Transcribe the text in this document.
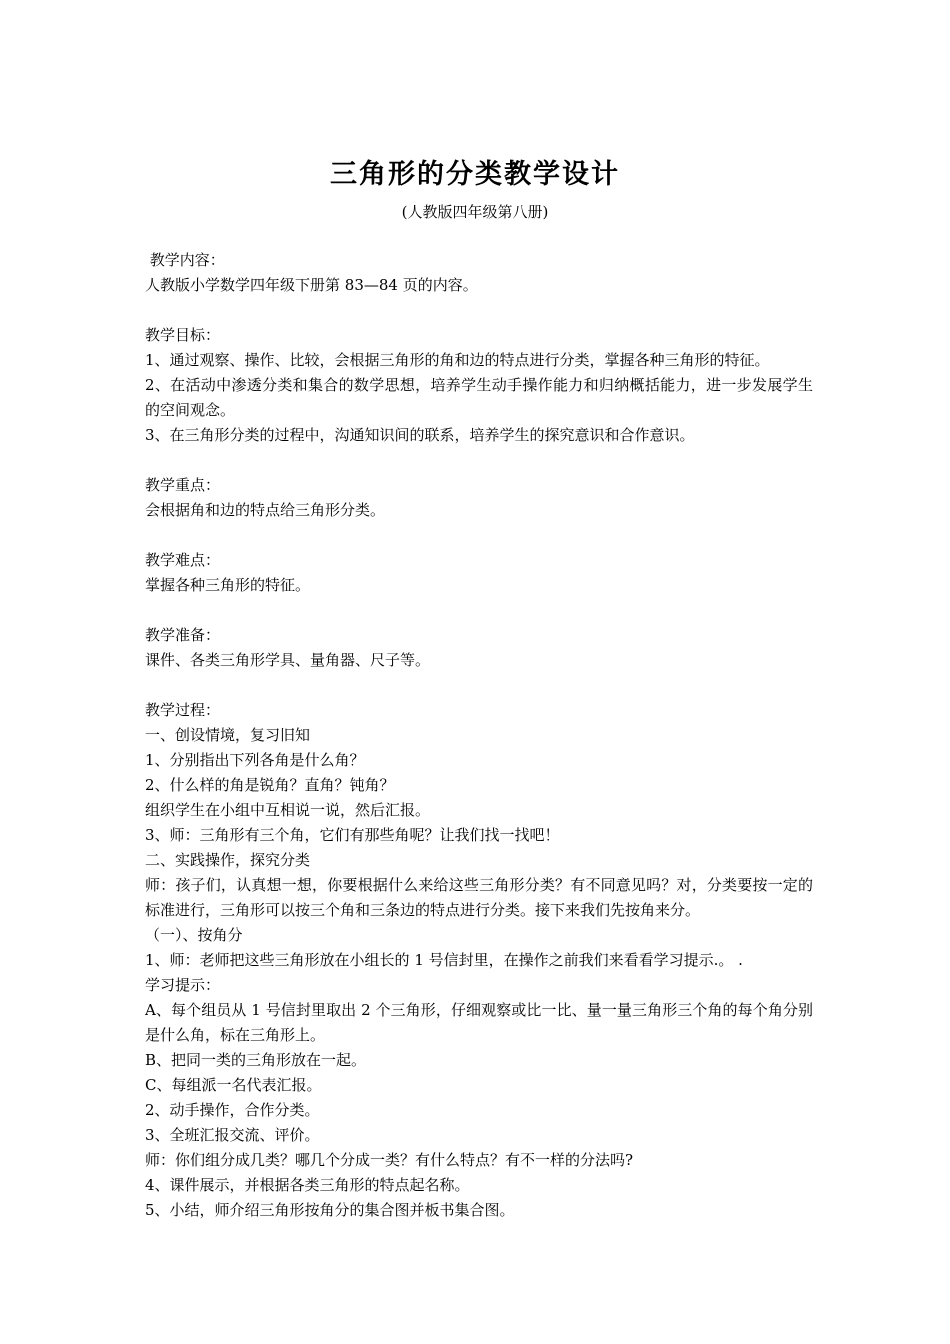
三角形的分类教学设计
(人教版四年级第八册)
教学内容：
人教版小学数学四年级下册第 83—84 页的内容。
教学目标：
1、通过观察、操作、比较，会根据三角形的角和边的特点进行分类，掌握各种三角形的特征。
2、在活动中渗透分类和集合的数学思想，培养学生动手操作能力和归纳概括能力，进一步发展学生的空间观念。
3、在三角形分类的过程中，沟通知识间的联系，培养学生的探究意识和合作意识。
教学重点：
会根据角和边的特点给三角形分类。
教学难点：
掌握各种三角形的特征。
教学准备：
课件、各类三角形学具、量角器、尺子等。
教学过程：
一、创设情境，复习旧知
1、分别指出下列各角是什么角？
2、什么样的角是锐角？直角？钝角？
组织学生在小组中互相说一说，然后汇报。
3、师：三角形有三个角，它们有那些角呢？让我们找一找吧！
二、实践操作，探究分类
师：孩子们，认真想一想，你要根据什么来给这些三角形分类？有不同意见吗？对，分类要按一定的标准进行，三角形可以按三个角和三条边的特点进行分类。接下来我们先按角来分。
（一）、按角分
1、师：老师把这些三角形放在小组长的 1 号信封里，在操作之前我们来看看学习提示.。 .
学习提示：
A、每个组员从 1 号信封里取出 2 个三角形，仔细观察或比一比、量一量三角形三个角的每个角分别是什么角，标在三角形上。
B、把同一类的三角形放在一起。
C、每组派一名代表汇报。
2、动手操作，合作分类。
3、全班汇报交流、评价。
师：你们组分成几类？哪几个分成一类？有什么特点？有不一样的分法吗?
4、课件展示，并根据各类三角形的特点起名称。
5、小结，师介绍三角形按角分的集合图并板书集合图。
